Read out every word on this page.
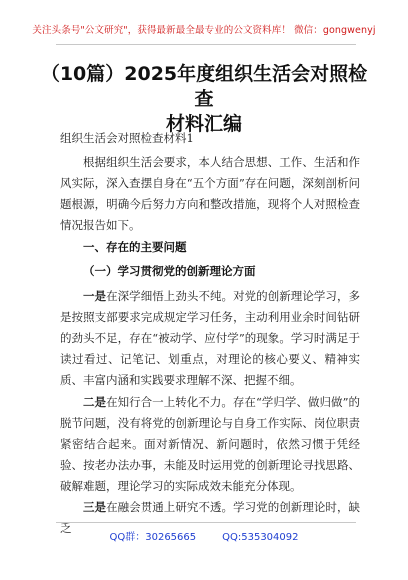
关注头条号"公文研究"，获得最新最全最专业的公文资料库！ 微信：gongwenyj
（10篇）2025年度组织生活会对照检查
材料汇编
组织生活会对照检查材料1
根据组织生活会要求，本人结合思想、工作、生活和作风实际，深入查摆自身在“五个方面”存在问题，深刻剖析问题根源，明确今后努力方向和整改措施，现将个人对照检查情况报告如下。
一、存在的主要问题
（一）学习贯彻党的创新理论方面
一是在深学细悟上劲头不纯。对党的创新理论学习，多是按照支部要求完成规定学习任务，主动利用业余时间钻研的劲头不足，存在“被动学、应付学”的现象。学习时满足于读过看过、记笔记、划重点，对理论的核心要义、精神实质、丰富内涵和实践要求理解不深、把握不细。
二是在知行合一上转化不力。存在“学归学、做归做”的脱节问题，没有将党的创新理论与自身工作实际、岗位职责紧密结合起来。面对新情况、新问题时，依然习惯于凭经验、按老办法办事，未能及时运用党的创新理论寻找思路、破解难题，理论学习的实际成效未能充分体现。
三是在融会贯通上研究不透。学习党的创新理论时，缺乏
QQ群：30265665	QQ:535304092
